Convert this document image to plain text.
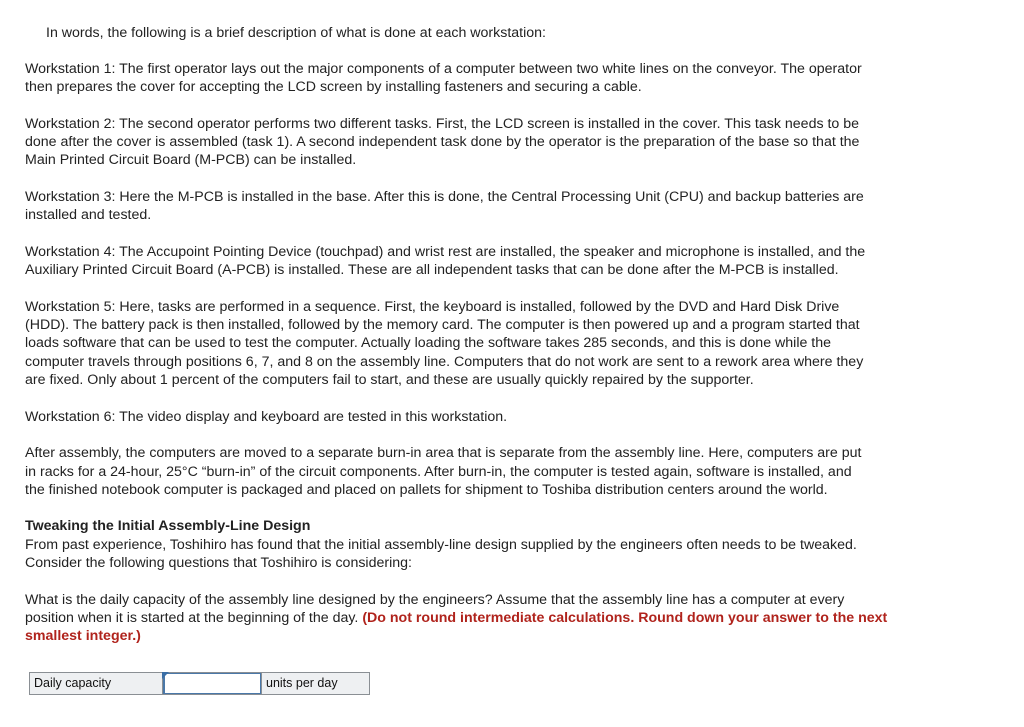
In words, the following is a brief description of what is done at each workstation:

Workstation 1: The first operator lays out the major components of a computer between two white lines on the conveyor. The operator
then prepares the cover for accepting the LCD screen by installing fasteners and securing a cable.

Workstation 2: The second operator performs two different tasks. First, the LCD screen is installed in the cover. This task needs to be
done after the cover is assembled (task 1). A second independent task done by the operator is the preparation of the base so that the
Main Printed Circuit Board (M-PCB) can be installed.

Workstation 3: Here the M-PCB is installed in the base. After this is done, the Central Processing Unit (CPU) and backup batteries are
installed and tested.

Workstation 4: The Accupoint Pointing Device (touchpad) and wrist rest are installed, the speaker and microphone is installed, and the
Auxiliary Printed Circuit Board (A-PCB) is installed. These are all independent tasks that can be done after the M-PCB is installed.

Workstation 5: Here, tasks are performed in a sequence. First, the keyboard is installed, followed by the DVD and Hard Disk Drive
(HDD). The battery pack is then installed, followed by the memory card. The computer is then powered up and a program started that
loads software that can be used to test the computer. Actually loading the software takes 285 seconds, and this is done while the
computer travels through positions 6, 7, and 8 on the assembly line. Computers that do not work are sent to a rework area where they
are fixed. Only about 1 percent of the computers fail to start, and these are usually quickly repaired by the supporter.

Workstation 6: The video display and keyboard are tested in this workstation.

After assembly, the computers are moved to a separate burn-in area that is separate from the assembly line. Here, computers are put
in racks for a 24-hour, 25°C “burn-in” of the circuit components. After burn-in, the computer is tested again, software is installed, and
the finished notebook computer is packaged and placed on pallets for shipment to Toshiba distribution centers around the world.

Tweaking the Initial Assembly-Line Design
From past experience, Toshihiro has found that the initial assembly-line design supplied by the engineers often needs to be tweaked.
Consider the following questions that Toshihiro is considering:

What is the daily capacity of the assembly line designed by the engineers? Assume that the assembly line has a computer at every
position when it is started at the beginning of the day. (Do not round intermediate calculations. Round down your answer to the next
smallest integer.)

Daily capacity	units per day
